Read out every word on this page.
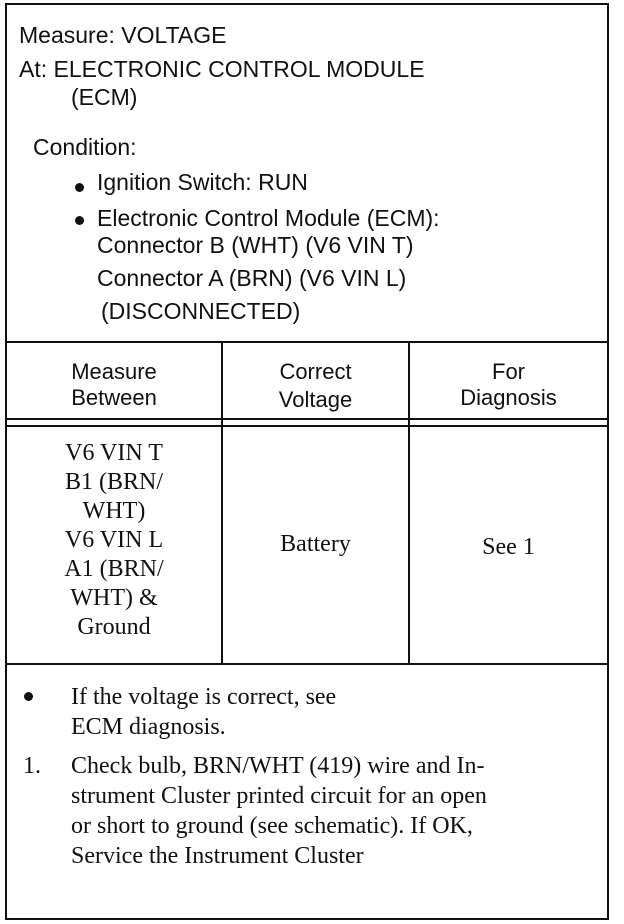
Measure: VOLTAGE
At: ELECTRONIC CONTROL MODULE
(ECM)
Condition:
Ignition Switch: RUN
Electronic Control Module (ECM):
Connector B (WHT) (V6 VIN T)
Connector A (BRN) (V6 VIN L)
(DISCONNECTED)
Measure
Between
Correct
Voltage
For
Diagnosis
V6 VIN T
B1 (BRN/
WHT)
V6 VIN L
A1 (BRN/
WHT) &
Ground
Battery	See 1
If the voltage is correct, see
ECM diagnosis.
1. Check bulb, BRN/WHT (419) wire and In-
strument Cluster printed circuit for an open
or short to ground (see schematic). If OK,
Service the Instrument Cluster
